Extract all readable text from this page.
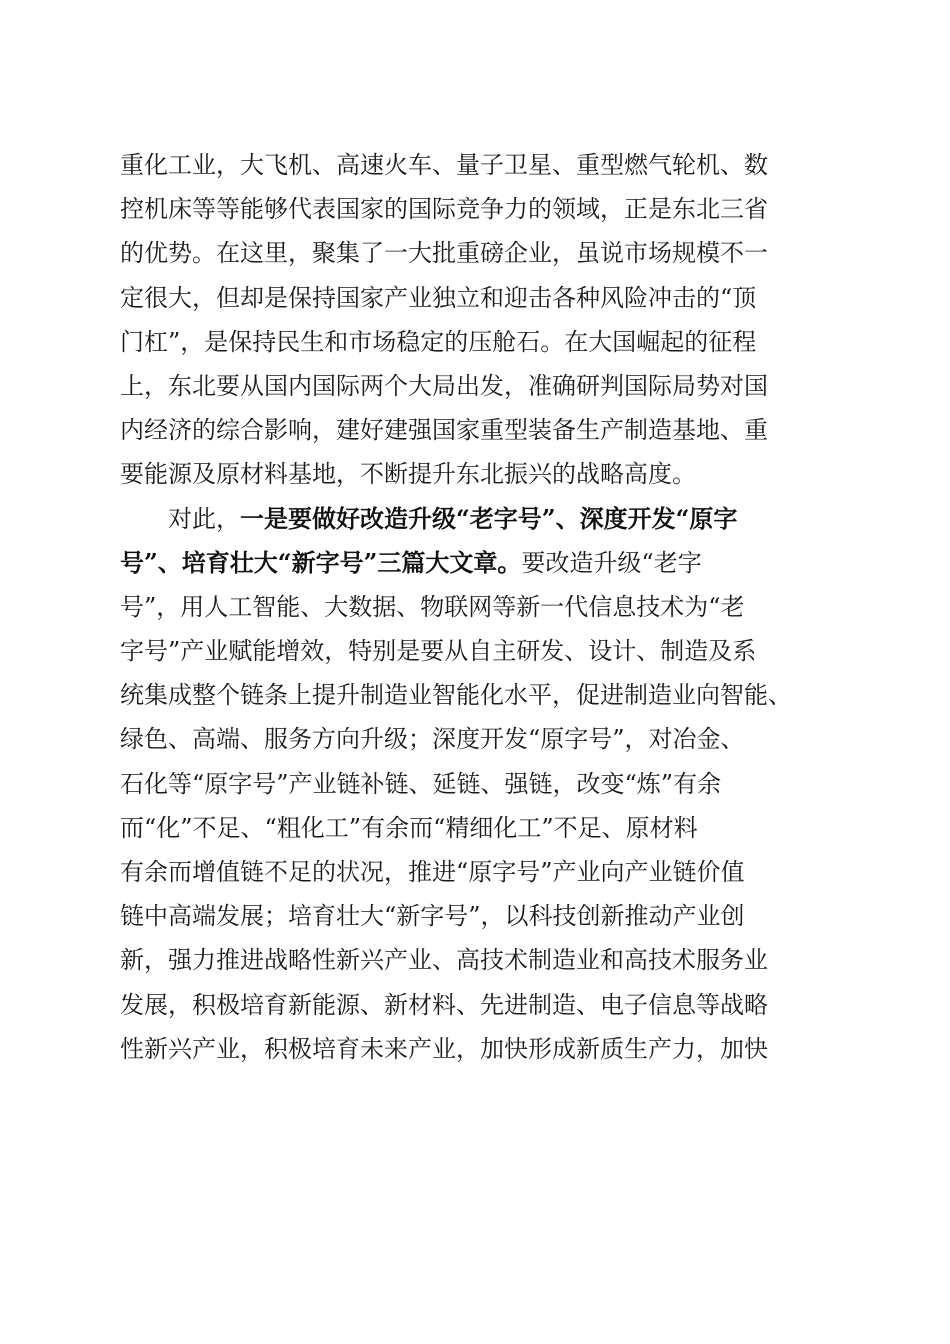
重化工业，大飞机、高速火车、量子卫星、重型燃气轮机、数
控机床等等能够代表国家的国际竞争力的领域，正是东北三省
的优势。在这里，聚集了一大批重磅企业，虽说市场规模不一
定很大，但却是保持国家产业独立和迎击各种风险冲击的“顶
门杠”，是保持民生和市场稳定的压舱石。在大国崛起的征程
上，东北要从国内国际两个大局出发，准确研判国际局势对国
内经济的综合影响，建好建强国家重型装备生产制造基地、重
要能源及原材料基地，不断提升东北振兴的战略高度。
对此，一是要做好改造升级“老字号”、深度开发“原字
号”、培育壮大“新字号”三篇大文章。要改造升级“老字
号”，用人工智能、大数据、物联网等新一代信息技术为“老
字号”产业赋能增效，特别是要从自主研发、设计、制造及系
统集成整个链条上提升制造业智能化水平，促进制造业向智能、
绿色、高端、服务方向升级；深度开发“原字号”，对冶金、
石化等“原字号”产业链补链、延链、强链，改变“炼”有余
而“化”不足、“粗化工”有余而“精细化工”不足、原材料
有余而增值链不足的状况，推进“原字号”产业向产业链价值
链中高端发展；培育壮大“新字号”，以科技创新推动产业创
新，强力推进战略性新兴产业、高技术制造业和高技术服务业
发展，积极培育新能源、新材料、先进制造、电子信息等战略
性新兴产业，积极培育未来产业，加快形成新质生产力，加快
